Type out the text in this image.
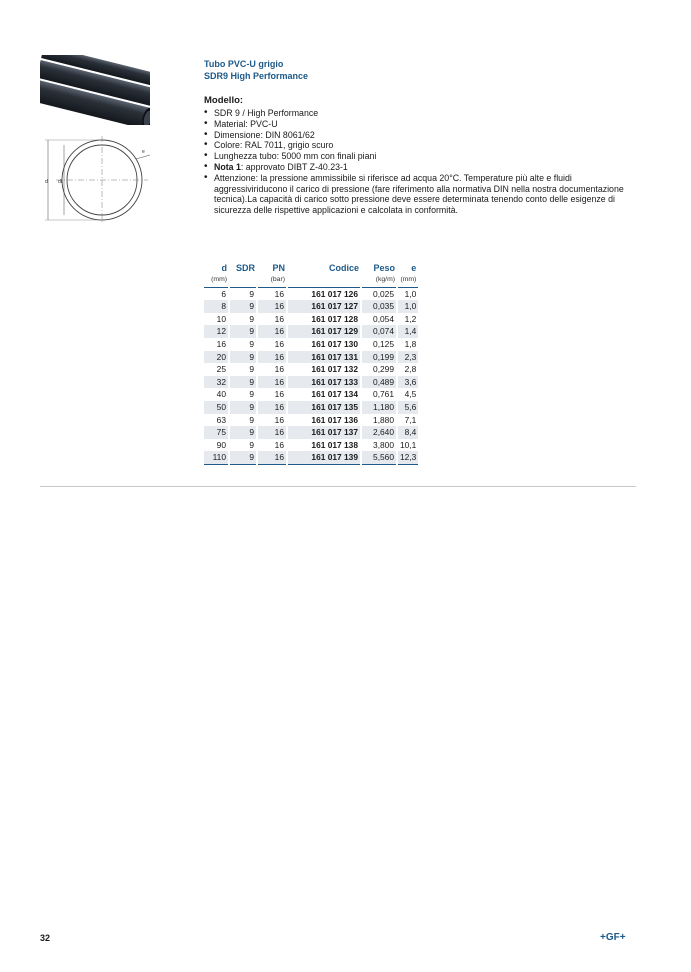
d di
e
Tubo PVC-U grigio
SDR9 High Performance
Modello:
• SDR 9 / High Performance
• Material: PVC-U
• Dimensione: DIN 8061/62
• Colore: RAL 7011, grigio scuro
• Lunghezza tubo: 5000 mm con finali piani
• Nota 1: approvato DIBT Z-40.23-1
• Attenzione: la pressione ammissibile si riferisce ad acqua 20°C. Temperature più alte e fluidi aggressiviriducono il carico di pressione (fare riferimento alla normativa DIN nella nostra documentazione tecnica).La capacità di carico sotto pressione deve essere determinata tenendo conto delle esigenze di sicurezza delle rispettive applicazioni e calcolata in conformità.
d	SDR	PN	Codice	Peso	e
(mm)		(bar)		(kg/m)	(mm)
6	9	16	161 017 126	0,025	1,0
8	9	16	161 017 127	0,035	1,0
10	9	16	161 017 128	0,054	1,2
12	9	16	161 017 129	0,074	1,4
16	9	16	161 017 130	0,125	1,8
20	9	16	161 017 131	0,199	2,3
25	9	16	161 017 132	0,299	2,8
32	9	16	161 017 133	0,489	3,6
40	9	16	161 017 134	0,761	4,5
50	9	16	161 017 135	1,180	5,6
63	9	16	161 017 136	1,880	7,1
75	9	16	161 017 137	2,640	8,4
90	9	16	161 017 138	3,800	10,1
110	9	16	161 017 139	5,560	12,3
32	+GF+
